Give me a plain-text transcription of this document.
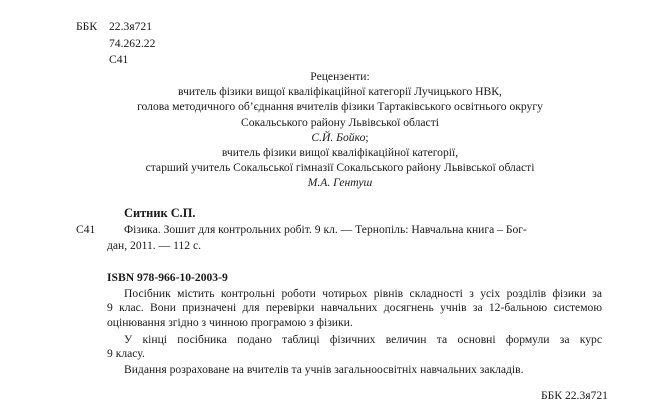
ББК 22.3я721
74.262.22
С41
Рецензенти:
вчитель фізики вищої кваліфікаційної категорії Лучицького НВК,
голова методичного об’єднання вчителів фізики Тартаківського освітнього округу
Сокальського району Львівської області
С.Й. Бойко;
вчитель фізики вищої кваліфікаційної категорії,
старший учитель Сокальської гімназії Сокальського району Львівської області
М.А. Гентуш
Ситник С.П.
С41 Фізика. Зошит для контрольних робіт. 9 кл. — Тернопіль: Навчальна книга – Бог-
дан, 2011. — 112 с.
ISBN 978-966-10-2003-9
Посібник містить контрольні роботи чотирьох рівнів складності з усіх розділів фізики за
9 клас. Вони призначені для перевірки навчальних досягнень учнів за 12-бальною системою
оцінювання згідно з чинною програмою з фізики.
У кінці посібника подано таблиці фізичних величин та основні формули за курс
9 класу.
Видання розраховане на вчителів та учнів загальноосвітніх навчальних закладів.
ББК 22.3я721
